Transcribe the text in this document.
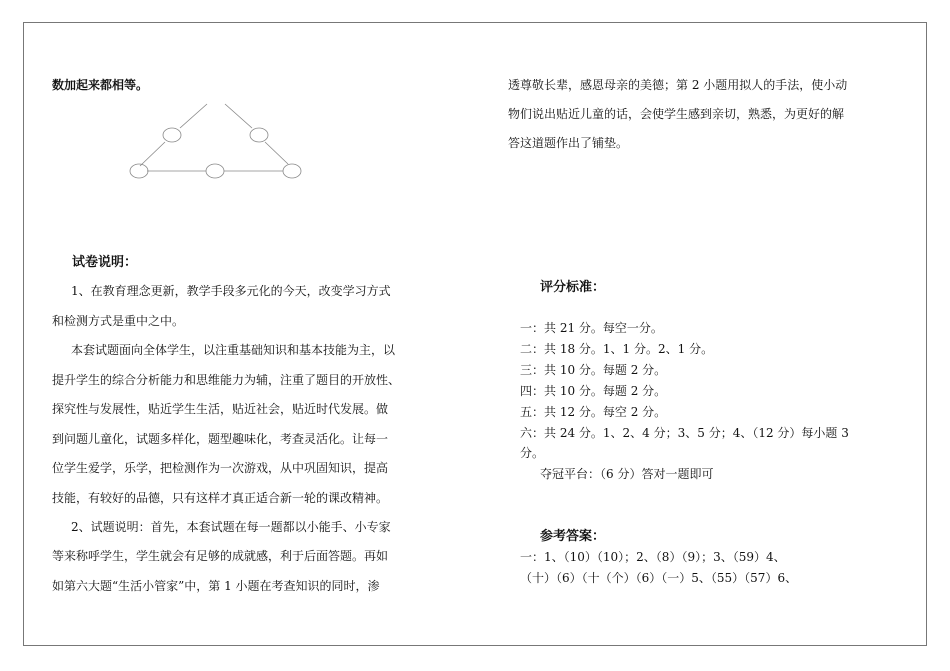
数加起来都相等。
试卷说明：
1、在教育理念更新，教学手段多元化的今天，改变学习方式
和检测方式是重中之中。
本套试题面向全体学生，以注重基础知识和基本技能为主，以
提升学生的综合分析能力和思维能力为辅，注重了题目的开放性、
探究性与发展性，贴近学生生活，贴近社会，贴近时代发展。做
到问题儿童化，试题多样化，题型趣味化，考查灵活化。让每一
位学生爱学，乐学，把检测作为一次游戏，从中巩固知识，提高
技能，有较好的品德，只有这样才真正适合新一轮的课改精神。
2、试题说明：首先，本套试题在每一题都以小能手、小专家
等来称呼学生，学生就会有足够的成就感，利于后面答题。再如
如第六大题“生活小管家”中，第 1 小题在考查知识的同时，渗
透尊敬长辈，感恩母亲的美德；第 2 小题用拟人的手法，使小动
物们说出贴近儿童的话，会使学生感到亲切，熟悉，为更好的解
答这道题作出了铺垫。
评分标准：
一：共 21 分。每空一分。
二：共 18 分。1、1 分。2、1 分。
三：共 10 分。每题 2 分。
四：共 10 分。每题 2 分。
五：共 12 分。每空 2 分。
六：共 24 分。1、2、4 分；3、5 分；4、（12 分）每小题 3
分。
夺冠平台：（6 分）答对一题即可
参考答案：
一：1、（10）（10）；2、（8）（9）；3、（59）4、
（十）（6）（十（个）（6）（一）5、（55）（57）6、
